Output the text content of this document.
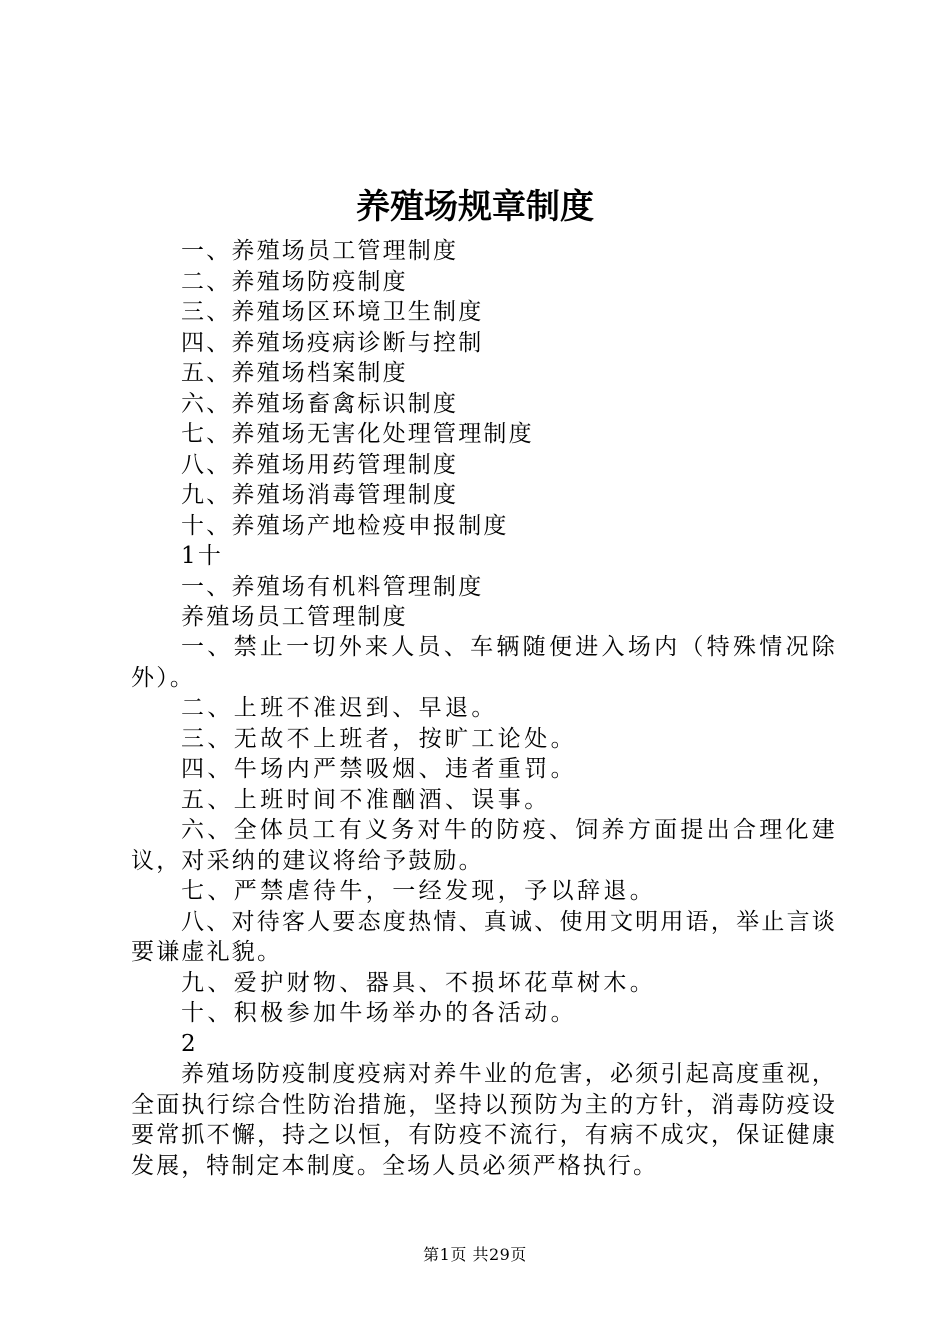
养殖场规章制度
一、养殖场员工管理制度
二、养殖场防疫制度
三、养殖场区环境卫生制度
四、养殖场疫病诊断与控制
五、养殖场档案制度
六、养殖场畜禽标识制度
七、养殖场无害化处理管理制度
八、养殖场用药管理制度
九、养殖场消毒管理制度
十、养殖场产地检疫申报制度
1十
一、养殖场有机料管理制度
养殖场员工管理制度

一、禁止一切外来人员、车辆随便进入场内（特殊情况除外）。

二、上班不准迟到、早退。

三、无故不上班者，按旷工论处。

四、牛场内严禁吸烟、违者重罚。

五、上班时间不准酗酒、误事。

六、全体员工有义务对牛的防疫、饲养方面提出合理化建议，对采纳的建议将给予鼓励。

七、严禁虐待牛，一经发现，予以辞退。

八、对待客人要态度热情、真诚、使用文明用语，举止言谈要谦虚礼貌。

九、爱护财物、器具、不损坏花草树木。

十、积极参加牛场举办的各活动。

2

养殖场防疫制度疫病对养牛业的危害，必须引起高度重视，全面执行综合性防治措施，坚持以预防为主的方针，消毒防疫设要常抓不懈，持之以恒，有防疫不流行，有病不成灾，保证健康发展，特制定本制度。全场人员必须严格执行。

第1页 共29页
